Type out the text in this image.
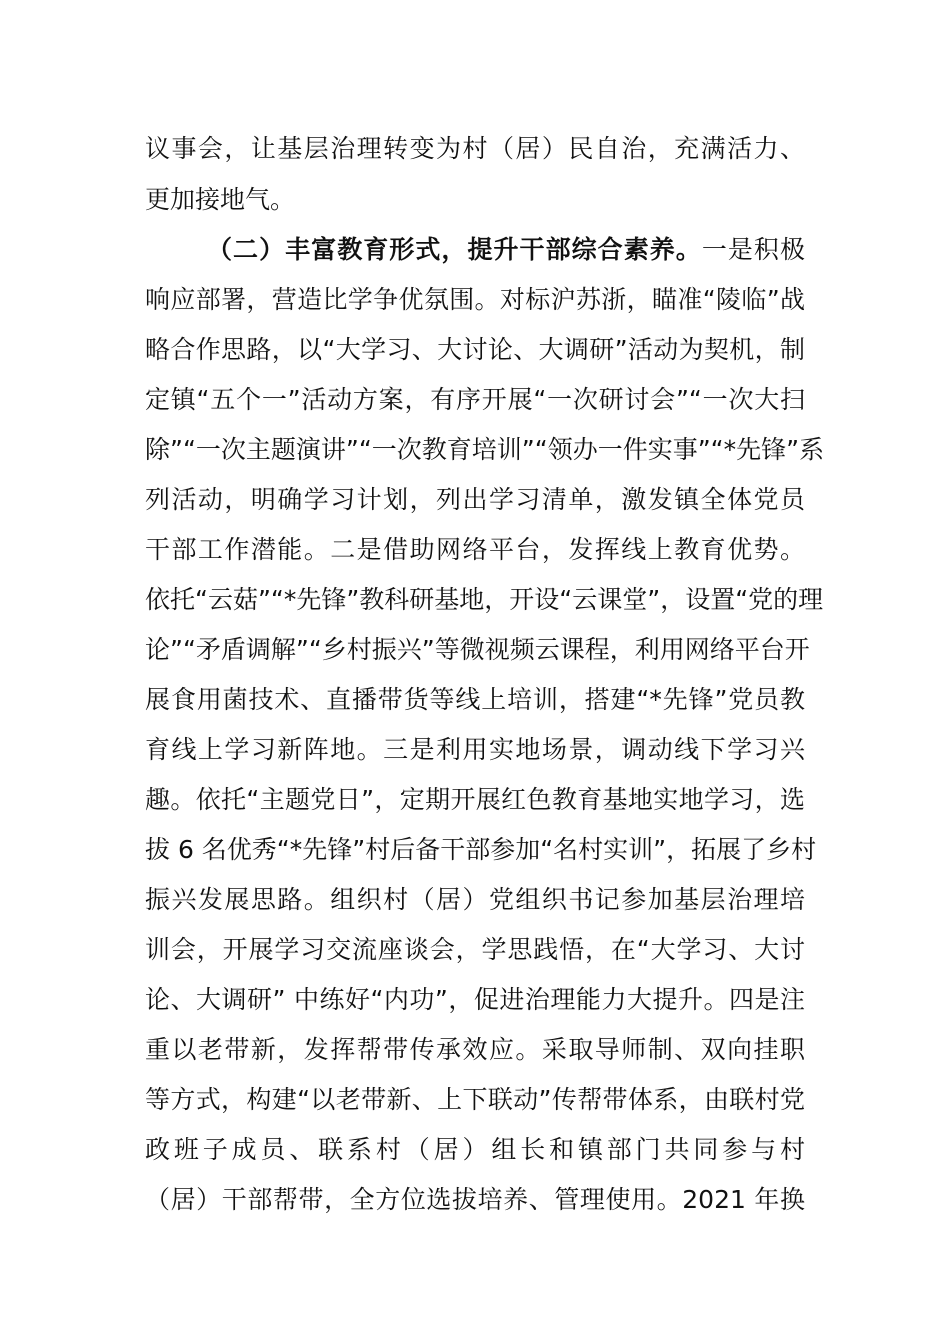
议事会，让基层治理转变为村（居）民自治，充满活力、
更加接地气。
（二）丰富教育形式，提升干部综合素养。一是积极
响应部署，营造比学争优氛围。对标沪苏浙，瞄准“陵临”战
略合作思路，以“大学习、大讨论、大调研”活动为契机，制
定镇“五个一”活动方案，有序开展“一次研讨会”“一次大扫
除”“一次主题演讲”“一次教育培训”“领办一件实事”“*先锋”系
列活动，明确学习计划，列出学习清单，激发镇全体党员
干部工作潜能。二是借助网络平台，发挥线上教育优势。
依托“云菇”“*先锋”教科研基地，开设“云课堂”，设置“党的理
论”“矛盾调解”“乡村振兴”等微视频云课程，利用网络平台开
展食用菌技术、直播带货等线上培训，搭建“*先锋”党员教
育线上学习新阵地。三是利用实地场景，调动线下学习兴
趣。依托“主题党日”，定期开展红色教育基地实地学习，选
拔 6 名优秀“*先锋”村后备干部参加“名村实训”，拓展了乡村
振兴发展思路。组织村（居）党组织书记参加基层治理培
训会，开展学习交流座谈会，学思践悟，在“大学习、大讨
论、大调研” 中练好“内功”，促进治理能力大提升。四是注
重以老带新，发挥帮带传承效应。采取导师制、双向挂职
等方式，构建“以老带新、上下联动”传帮带体系，由联村党
政班子成员、联系村（居）组长和镇部门共同参与村
（居）干部帮带，全方位选拔培养、管理使用。2021 年换
